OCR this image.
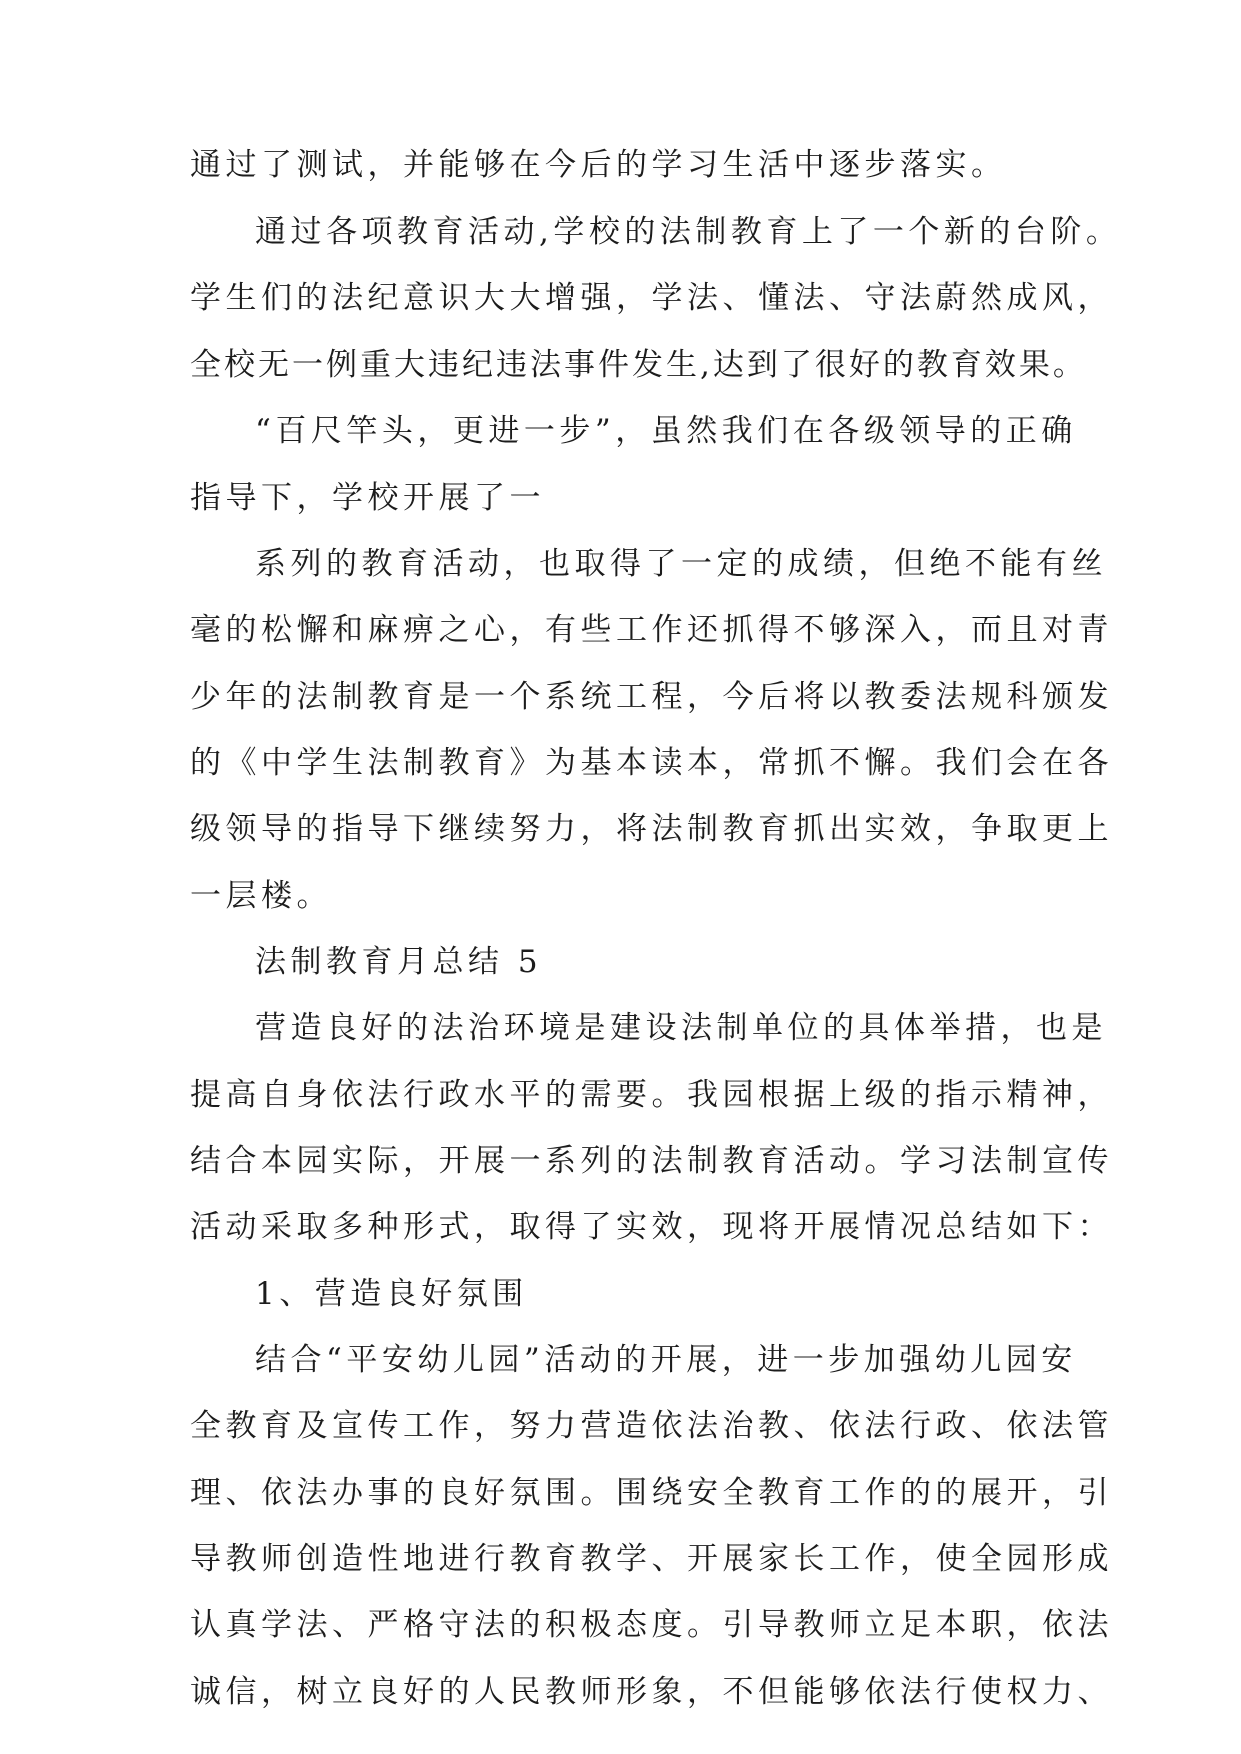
通过了测试，并能够在今后的学习生活中逐步落实。

通过各项教育活动,学校的法制教育上了一个新的台阶。

学生们的法纪意识大大增强，学法、懂法、守法蔚然成风，

全校无一例重大违纪违法事件发生,达到了很好的教育效果。

“百尺竿头，更进一步”，虽然我们在各级领导的正确

指导下，学校开展了一

系列的教育活动，也取得了一定的成绩，但绝不能有丝

毫的松懈和麻痹之心，有些工作还抓得不够深入，而且对青

少年的法制教育是一个系统工程，今后将以教委法规科颁发

的《中学生法制教育》为基本读本，常抓不懈。我们会在各

级领导的指导下继续努力，将法制教育抓出实效，争取更上

一层楼。

法制教育月总结 5

营造良好的法治环境是建设法制单位的具体举措，也是

提高自身依法行政水平的需要。我园根据上级的指示精神，

结合本园实际，开展一系列的法制教育活动。学习法制宣传

活动采取多种形式，取得了实效，现将开展情况总结如下：

1、营造良好氛围

结合“平安幼儿园”活动的开展，进一步加强幼儿园安

全教育及宣传工作，努力营造依法治教、依法行政、依法管

理、依法办事的良好氛围。围绕安全教育工作的的展开，引

导教师创造性地进行教育教学、开展家长工作，使全园形成

认真学法、严格守法的积极态度。引导教师立足本职，依法

诚信，树立良好的人民教师形象，不但能够依法行使权力、
